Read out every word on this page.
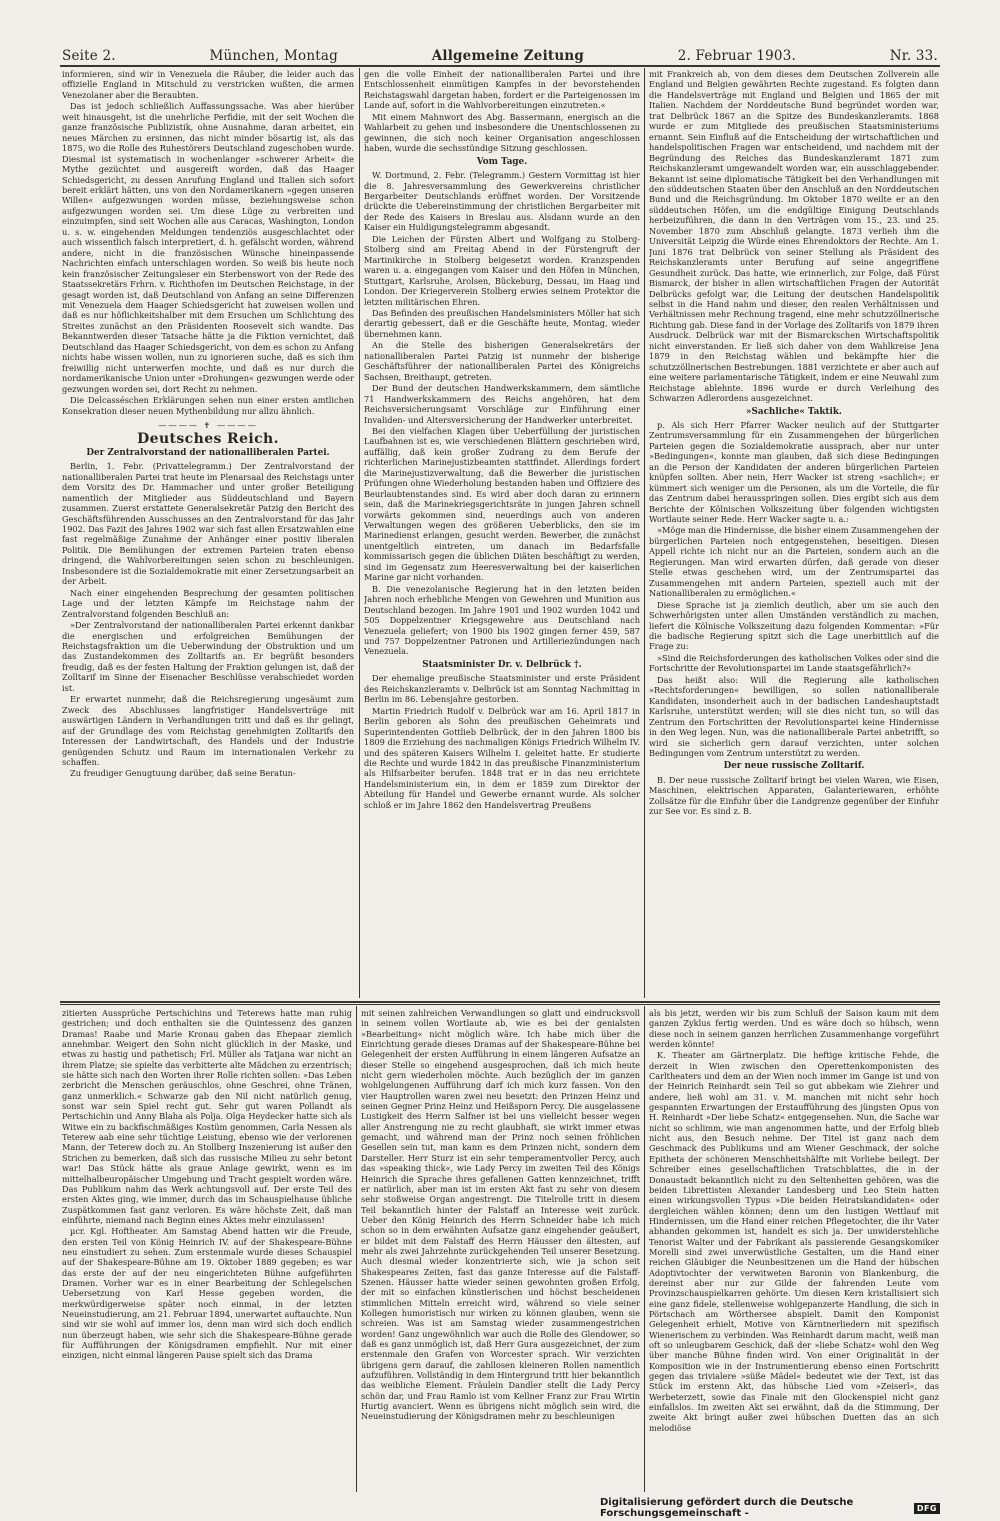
Seite 2.	München, Montag	Allgemeine Zeitung	2. Februar 1903.	Nr. 33.

informieren, sind wir in Venezuela die Räuber, die leider auch das offizielle England in Mitschuld zu verstricken wußten, die armen Venezolaner aber die Beraubten.

Das ist jedoch schließlich Auffassungssache. Was aber hierüber weit hinausgeht, ist die unehrliche Perfidie, mit der seit Wochen die ganze französische Publizistik, ohne Ausnahme, daran arbeitet, ein neues Märchen zu ersinnen, das nicht minder bösartig ist, als das 1875, wo die Rolle des Ruhestörers Deutschland zugeschoben wurde. Diesmal ist systematisch in wochenlanger »schwerer Arbeit« die Mythe gezüchtet und ausgereift worden, daß das Haager Schiedsgericht, zu dessen Anrufung England und Italien sich sofort bereit erklärt hätten, uns von den Nordamerikanern »gegen unseren Willen« aufgezwungen worden müsse, beziehungsweise schon aufgezwungen worden sei. Um diese Lüge zu verbreiten und einzuimpfen, sind seit Wochen alle aus Caracas, Washington, London u. s. w. eingehenden Meldungen tendenziös ausgeschlachtet oder auch wissentlich falsch interpretiert, d. h. gefälscht worden, während andere, nicht in die französischen Wünsche hineinpassende Nachrichten einfach unterschlagen worden. So weiß bis heute noch kein französischer Zeitungsleser ein Sterbenswort von der Rede des Staatssekretärs Frhrn. v. Richthofen im Deutschen Reichstage, in der gesagt worden ist, daß Deutschland von Anfang an seine Differenzen mit Venezuela dem Haager Schiedsgericht hat zuweisen wollen und daß es nur höflichkeitshalber mit dem Ersuchen um Schlichtung des Streites zunächst an den Präsidenten Roosevelt sich wandte. Das Bekanntwerden dieser Tatsache hätte ja die Fiktion vernichtet, daß Deutschland das Haager Schiedsgericht, von dem es schon zu Anfang nichts habe wissen wollen, nun zu ignorieren suche, daß es sich ihm freiwillig nicht unterwerfen mochte, und daß es nur durch die nordamerikanische Union unter »Drohungen« gezwungen werde oder gezwungen worden sei, dort Recht zu nehmen.

Die Delcasséschen Erklärungen sehen nun einer ersten amtlichen Konsekration dieser neuen Mythenbildung nur allzu ähnlich.

———— ✝ ————
Deutsches Reich.
Der Zentralvorstand der nationalliberalen Partei.

Berlin, 1. Febr. (Privattelegramm.) Der Zentralvorstand der nationalliberalen Partei trat heute im Plenarsaal des Reichstags unter dem Vorsitz des Dr. Hammacher und unter großer Beteiligung namentlich der Mitglieder aus Süddeutschland und Bayern zusammen. Zuerst erstattete Generalsekretär Patzig den Bericht des Geschäftsführenden Ausschusses an den Zentralvorstand für das Jahr 1902. Das Fazit des Jahres 1902 war sich fast allen Ersatzwahlen eine fast regelmäßige Zunahme der Anhänger einer positiv liberalen Politik. Die Bemühungen der extremen Parteien traten ebenso dringend, die Wahlvorbereitungen seien schon zu beschleunigen. Insbesondere ist die Sozialdemokratie mit einer Zersetzungsarbeit an der Arbeit.

Nach einer eingehenden Besprechung der gesamten politischen Lage und der letzten Kämpfe im Reichstage nahm der Zentralvorstand folgenden Beschluß an:

»Der Zentralvorstand der nationalliberalen Partei erkennt dankbar die energischen und erfolgreichen Bemühungen der Reichstagsfraktion um die Ueberwindung der Obstruktion und um das Zustandekommen des Zolltarifs an. Er begrüßt besonders freudig, daß es der festen Haltung der Fraktion gelungen ist, daß der Zolltarif im Sinne der Eisenacher Beschlüsse verabschiedet worden ist.

Er erwartet nunmehr, daß die Reichsregierung ungesäumt zum Zweck des Abschlusses langfristiger Handelsverträge mit auswärtigen Ländern in Verhandlungen tritt und daß es ihr gelingt, auf der Grundlage des vom Reichstag genehmigten Zolltarifs den Interessen der Landwirtschaft, des Handels und der Industrie genügenden Schutz und Raum im internationalen Verkehr zu schaffen.

Zu freudiger Genugtuung darüber, daß seine Beratun-

gen die volle Einheit der nationalliberalen Partei und ihre Entschlossenheit einmütigen Kampfes in der bevorstehenden Reichstagswahl dargetan haben, fordert er die Parteigenossen im Lande auf, sofort in die Wahlvorbereitungen einzutreten.«

Mit einem Mahnwort des Abg. Bassermann, energisch an die Wahlarbeit zu gehen und insbesondere die Unentschlossenen zu gewinnen, die sich noch keiner Organisation angeschlossen haben, wurde die sechsstündige Sitzung geschlossen.

Vom Tage.

W. Dortmund, 2. Febr. (Telegramm.) Gestern Vormittag ist hier die 8. Jahresversammlung des Gewerkvereins christlicher Bergarbeiter Deutschlands eröffnet worden. Der Vorsitzende drückte die Uebereinstimmung der christlichen Bergarbeiter mit der Rede des Kaisers in Breslau aus. Alsdann wurde an den Kaiser ein Huldigungstelegramm abgesandt.

Die Leichen der Fürsten Albert und Wolfgang zu Stolberg-Stolberg sind am Freitag Abend in der Fürstengruft der Martinikirche in Stolberg beigesetzt worden. Kranzspenden waren u. a. eingegangen vom Kaiser und den Höfen in München, Stuttgart, Karlsruhe, Arolsen, Bückeburg, Dessau, im Haag und London. Der Kriegerverein Stolberg erwies seinem Protektor die letzten militärischen Ehren.

Das Befinden des preußischen Handelsministers Möller hat sich derartig gebessert, daß er die Geschäfte heute, Montag, wieder übernehmen kann.

An die Stelle des bisherigen Generalsekretärs der nationalliberalen Partei Patzig ist nunmehr der bisherige Geschäftsführer der nationalliberalen Partei des Königreichs Sachsen, Breithaupt, getreten.

Der Bund der deutschen Handwerkskammern, dem sämtliche 71 Handwerkskammern des Reichs angehören, hat dem Reichsversicherungsamt Vorschläge zur Einführung einer Invaliden- und Altersversicherung der Handwerker unterbreitet.

Bei den vielfachen Klagen über Ueberfüllung der juristischen Laufbahnen ist es, wie verschiedenen Blättern geschrieben wird, auffällig, daß kein großer Zudrang zu dem Berufe der richterlichen Marinejustizbeamten stattfindet. Allerdings fordert die Marinejustizverwaltung, daß die Bewerber die juristischen Prüfungen ohne Wiederholung bestanden haben und Offiziere des Beurlaubtenstandes sind. Es wird aber doch daran zu erinnern sein, daß die Marinekriegsgerichtsräte in jungen Jahren schnell vorwärts gekommen sind, neuerdings auch von anderen Verwaltungen wegen des größeren Ueberblicks, den sie im Marinedienst erlangen, gesucht werden. Bewerber, die zunächst unentgeltlich eintreten, um danach im Bedarfsfalle kommissarisch gegen die üblichen Diäten beschäftigt zu werden, sind im Gegensatz zum Heeresverwaltung bei der kaiserlichen Marine gar nicht vorhanden.

B. Die venezolanische Regierung hat in den letzten beiden Jahren noch erhebliche Mengen von Gewehren und Munition aus Deutschland bezogen. Im Jahre 1901 und 1902 wurden 1042 und 505 Doppelzentner Kriegsgewehre aus Deutschland nach Venezuela geliefert; von 1900 bis 1902 gingen ferner 459, 587 und 757 Doppelzentner Patronen und Artilleriezündungen nach Venezuela.

Staatsminister Dr. v. Delbrück †.

Der ehemalige preußische Staatsminister und erste Präsident des Reichskanzleramts v. Delbrück ist am Sonntag Nachmittag in Berlin im 86. Lebensjahre gestorben.

Martin Friedrich Rudolf v. Delbrück war am 16. April 1817 in Berlin geboren als Sohn des preußischen Geheimrats und Superintendenten Gottlieb Delbrück, der in den Jahren 1800 bis 1809 die Erziehung des nachmaligen Königs Friedrich Wilhelm IV. und des späteren Kaisers Wilhelm I. geleitet hatte. Er studierte die Rechte und wurde 1842 in das preußische Finanzministerium als Hilfsarbeiter berufen. 1848 trat er in das neu errichtete Handelsministerium ein, in dem er 1859 zum Direktor der Abteilung für Handel und Gewerbe ernannt wurde. Als solcher schloß er im Jahre 1862 den Handelsvertrag Preußens

mit Frankreich ab, von dem dieses dem Deutschen Zollverein alle England und Belgien gewährten Rechte zugestand. Es folgten dann die Handelsverträge mit England und Belgien und 1865 der mit Italien. Nachdem der Norddeutsche Bund begründet worden war, trat Delbrück 1867 an die Spitze des Bundeskanzleramts. 1868 wurde er zum Mitgliede des preußischen Staatsministeriums ernannt. Sein Einfluß auf die Entscheidung der wirtschaftlichen und handelspolitischen Fragen war entscheidend, und nachdem mit der Begründung des Reiches das Bundeskanzleramt 1871 zum Reichskanzleramt umgewandelt worden war, ein ausschlaggebender. Bekannt ist seine diplomatische Tätigkeit bei den Verhandlungen mit den süddeutschen Staaten über den Anschluß an den Norddeutschen Bund und die Reichsgründung. Im Oktober 1870 weilte er an den süddeutschen Höfen, um die endgültige Einigung Deutschlands herbeizuführen, die dann in den Verträgen vom 15., 23. und 25. November 1870 zum Abschluß gelangte. 1873 verlieh ihm die Universität Leipzig die Würde eines Ehrendoktors der Rechte. Am 1. Juni 1876 trat Delbrück von seiner Stellung als Präsident des Reichskanzleramts unter Berufung auf seine angegriffene Gesundheit zurück. Das hatte, wie erinnerlich, zur Folge, daß Fürst Bismarck, der bisher in allen wirtschaftlichen Fragen der Autorität Delbrücks gefolgt war, die Leitung der deutschen Handelspolitik selbst in die Hand nahm und dieser, den realen Verhältnissen und Verhältnissen mehr Rechnung tragend, eine mehr schutzzöllnerische Richtung gab. Diese fand in der Vorlage des Zolltarifs von 1879 ihren Ausdruck. Delbrück war mit der Bismarckschen Wirtschaftspolitik nicht einverstanden. Er ließ sich daher von dem Wahlkreise Jena 1879 in den Reichstag wählen und bekämpfte hier die schutzzöllnerischen Bestrebungen. 1881 verzichtete er aber auch auf eine weitere parlamentarische Tätigkeit, indem er eine Neuwahl zum Reichstage ablehnte. 1896 wurde er durch Verleihung des Schwarzen Adlerordens ausgezeichnet.

»Sachliche« Taktik.

p. Als sich Herr Pfarrer Wacker neulich auf der Stuttgarter Zentrumsversammlung für ein Zusammengehen der bürgerlichen Parteien gegen die Sozialdemokratie aussprach, aber nur unter »Bedingungen«, konnte man glauben, daß sich diese Bedingungen an die Person der Kandidaten der anderen bürgerlichen Parteien knüpfen sollten. Aber nein, Herr Wacker ist streng »sachlich«; er kümmert sich weniger um die Personen, als um die Vorteile, die für das Zentrum dabei herausspringen sollen. Dies ergibt sich aus dem Berichte der Kölnischen Volkszeitung über folgenden wichtigsten Wortlaute seiner Rede. Herr Wacker sagte u. a.:

»Möge man die Hindernisse, die bisher einem Zusammengehen der bürgerlichen Parteien noch entgegenstehen, beseitigen. Diesen Appell richte ich nicht nur an die Parteien, sondern auch an die Regierungen. Man wird erwarten dürfen, daß gerade von dieser Stelle etwas geschehen wird, um der Zentrumspartei das Zusammengehen mit andern Parteien, speziell auch mit der Nationalliberalen zu ermöglichen.«

Diese Sprache ist ja ziemlich deutlich, aber um sie auch den Schwerhörigsten unter allen Umständen verständlich zu machen, liefert die Kölnische Volkszeitung dazu folgenden Kommentar: »Für die badische Regierung spitzt sich die Lage unerbittlich auf die Frage zu:

»Sind die Reichsforderungen des katholischen Volkes oder sind die Fortschritte der Revolutionspartei im Lande staatsgefährlich?«

Das heißt also: Will die Regierung alle katholischen »Rechtsforderungen« bewilligen, so sollen nationalliberale Kandidaten, insonderheit auch in der badischen Landeshauptstadt Karlsruhe, unterstützt werden; will sie dies nicht tun, so will das Zentrum den Fortschritten der Revolutionspartei keine Hindernisse in den Weg legen. Nun, was die nationalliberale Partei anbetrifft, so wird sie sicherlich gern darauf verzichten, unter solchen Bedingungen vom Zentrum unterstützt zu werden.

Der neue russische Zolltarif.

B. Der neue russische Zolltarif bringt bei vielen Waren, wie Eisen, Maschinen, elektrischen Apparaten, Galanteriewaren, erhöhte Zollsätze für die Einfuhr über die Landgrenze gegenüber der Einfuhr zur See vor. Es sind z. B.

zitierten Aussprüche Pertschichins und Teterews hatte man ruhig gestrichen; und doch enthalten sie die Quintessenz des ganzen Dramas! Raabe und Marie Kronau gaben das Ehepaar ziemlich annehmbar. Weigert den Sohn nicht glücklich in der Maske, und etwas zu hastig und pathetisch; Frl. Müller als Tatjana war nicht an ihrem Platze; sie spielte das verbitterte alte Mädchen zu erzentrisch; sie hätte sich nach den Worten ihrer Rolle richten sollen: »Das Leben zerbricht die Menschen geräuschlos, ohne Geschrei, ohne Tränen, ganz unmerklich.« Schwarze gab den Nil nicht natürlich genug, sonst war sein Spiel recht gut. Sehr gut waren Pollandt als Pertschichin und Anny Blaha als Polja. Olga Heydecker hatte sich als Witwe ein zu backfischmäßiges Kostüm genommen, Carla Nessen als Teterew aab eine sehr tüchtige Leistung, ebenso wie der verlorenen Mann, der Teterew doch zu. An Stollberg Inszenierung ist außer den Strichen zu bemerken, daß sich das russische Milieu zu sehr betont war! Das Stück hätte als graue Anlage gewirkt, wenn es im mittelhalbeuropäischer Umgebung und Tracht gespielt worden wäre. Das Publikum nahm das Werk achtungsvoll auf. Der erste Teil des ersten Aktes ging, wie immer, durch das im Schauspielhause übliche Zuspätkommen fast ganz verloren. Es wäre höchste Zeit, daß man einführte, niemand nach Beginn eines Aktes mehr einzulassen!

µcr. Kgl. Hoftheater. Am Samstag Abend hatten wir die Freude, den ersten Teil von König Heinrich IV. auf der Shakespeare-Bühne neu einstudiert zu sehen. Zum erstenmale wurde dieses Schauspiel auf der Shakespeare-Bühne am 19. Oktober 1889 gegeben; es war das erste der auf der neu eingerichteten Bühne aufgeführten Dramen. Vorher war es in einer Bearbeitung der Schlegelschen Uebersetzung von Karl Hesse gegeben worden, die merkwürdigerweise später noch einmal, in der letzten Neueinstudierung, am 21. Februar 1894, unerwartet auftauchte. Nun sind wir sie wohl auf immer los, denn man wird sich doch endlich nun überzeugt haben, wie sehr sich die Shakespeare-Bühne gerade für Aufführungen der Königsdramen empfiehlt. Nur mit einer einzigen, nicht einmal längeren Pause spielt sich das Drama

mit seinen zahlreichen Verwandlungen so glatt und eindrucksvoll in seinem vollen Wortlaute ab, wie es bei der genialsten »Bearbeitung« nicht möglich wäre. Ich habe mich über die Einrichtung gerade dieses Dramas auf der Shakespeare-Bühne bei Gelegenheit der ersten Aufführung in einem längeren Aufsatze an dieser Stelle so eingehend ausgesprochen, daß ich mich heute nicht gern wiederholen möchte. Auch bezüglich der im ganzen wohlgelungenen Aufführung darf ich mich kurz fassen. Von den vier Hauptrollen waren zwei neu besetzt: den Prinzen Heinz und seinen Gegner Prinz Heinz und Heißsporn Percy. Die ausgelassene Lustigkeit des Herrn Salfner ist bei uns vielleicht besser wegen aller Anstrengung nie zu recht glaubhaft, sie wirkt immer etwas gemacht, und während man der Prinz noch seinen fröhlichen Gesellen sein tut, man kann es dem Prinzen nicht, sondern dem Darsteller. Herr Sturz ist ein sehr temperamentvoller Percy, auch das »speaking thick«, wie Lady Percy im zweiten Teil des Königs Heinrich die Sprache ihres gefallenen Gatten kennzeichnet, trifft er natürlich, aber man ist im ersten Akt fast zu sehr von diesem sehr stoßweise Organ angestrengt. Die Titelrolle tritt in diesem Teil bekanntlich hinter der Falstaff an Interesse weit zurück. Ueber den König Heinrich des Herrn Schneider habe ich mich schon so in dem erwähnten Aufsatze ganz eingehender geäußert, er bildet mit dem Falstaff des Herrn Häusser den ältesten, auf mehr als zwei Jahrzehnte zurückgehenden Teil unserer Besetzung. Auch diesmal wieder konzentrierte sich, wie ja schon seit Shakespeares Zeiten, fast das ganze Interesse auf die Falstaff-Szenen. Häusser hatte wieder seinen gewohnten großen Erfolg, der mit so einfachen künstlerischen und höchst bescheidenen stimmlichen Mitteln erreicht wird, während so viele seiner Kollegen humoristisch nur wirken zu können glauben, wenn sie schreien. Was ist am Samstag wieder zusammengestrichen worden! Ganz ungewöhnlich war auch die Rolle des Glendower, so daß es ganz unmöglich ist, daß Herr Gura ausgezeichnet, der zum erstenmale den Grafen von Worcester sprach. Wir verzichten übrigens gern darauf, die zahllosen kleineren Rollen namentlich aufzuführen. Vollständig in dem Hintergrund tritt hier bekanntlich das weibliche Element. Fräulein Dandler stellt die Lady Percy schön dar, und Frau Ramlo ist vom Kellner Franz zur Frau Wirtin Hurtig avanciert. Wenn es übrigens nicht möglich sein wird, die Neueinstudierung der Königsdramen mehr zu beschleunigen

als bis jetzt, werden wir bis zum Schluß der Saison kaum mit dem ganzen Zyklus fertig werden. Und es wäre doch so hübsch, wenn diese noch in seinem ganzen herrlichen Zusammenhange vorgeführt werden könnte!

K. Theater am Gärtnerplatz. Die heftige kritische Fehde, die derzeit in Wien zwischen den Operettenkomponisten des Carltheaters und dem an der Wien noch immer im Gange ist und von der Heinrich Reinhardt sein Teil so gut abbekam wie Ziehrer und andere, ließ wohl am 31. v. M. manchen mit nicht sehr hoch gespannten Erwartungen der Erstaufführung des jüngsten Opus von H. Reinhardt »Der liebe Schatz« entgegensehen. Nun, die Sache war nicht so schlimm, wie man angenommen hatte, und der Erfolg blieb nicht aus, den Besuch nehme. Der Titel ist ganz nach dem Geschmack des Publikums und am Wiener Geschmack, der solche Epitheta der schöneren Menschheitshälfte mit Vorliebe beilegt. Der Schreiber eines gesellschaftlichen Tratschblattes, die in der Donaustadt bekanntlich nicht zu den Seltenheiten gehören, was die beiden Librettisten Alexander Landesberg und Leo Stein hatten einen wirkungsvollen Typus »Die beiden Heiratskandidaten« oder dergleichen wählen können; denn um den lustigen Wettlauf mit Hindernissen, um die Hand einer reichen Pflegetochter, die ihr Vater abhanden gekommen ist, handelt es sich ja. Der unwiderstehliche Tenorist Walter und der Fabrikant als passierende Gesangskomiker Morelli sind zwei unverwüstliche Gestalten, um die Hand einer reichen Gläubiger die Neunbesitzenen um die Hand der hübschen Adoptivtochter der verwitweten Baronin von Blankenburg, die dereinst aber nur zur Gilde der fahrenden Leute vom Provinzschauspielkarren gehörte. Um diesen Kern kristallisiert sich eine ganz fidele, stellenweise wohlgepanzerte Handlung, die sich in Pörtschach am Wörthersee abspielt. Damit den Komponist Gelegenheit erhielt, Motive von Kärntnerliedern mit spezifisch Wienerischem zu verbinden. Was Reinhardt darum macht, weiß man oft so unleugbarem Geschick, daß der »liebe Schatz« wohl den Weg über manche Bühne finden wird. Von einer Originalität in der Komposition wie in der Instrumentierung ebenso einen Fortschritt gegen das trivialere »süße Mädel« bedeutet wie der Text, ist das Stück im erstenn Akt, das hübsche Lied vom »Zeiserl«, das Werbeterzett, sowie das Finale mit den Glockenspiel nicht ganz einfallslos. Im zweiten Akt sei erwähnt, daß da die Stimmung, Der zweite Akt bringt außer zwei hübschen Duetten das an sich melodiöse

Digitalisierung gefördert durch die Deutsche Forschungsgemeinschaft -	DFG
